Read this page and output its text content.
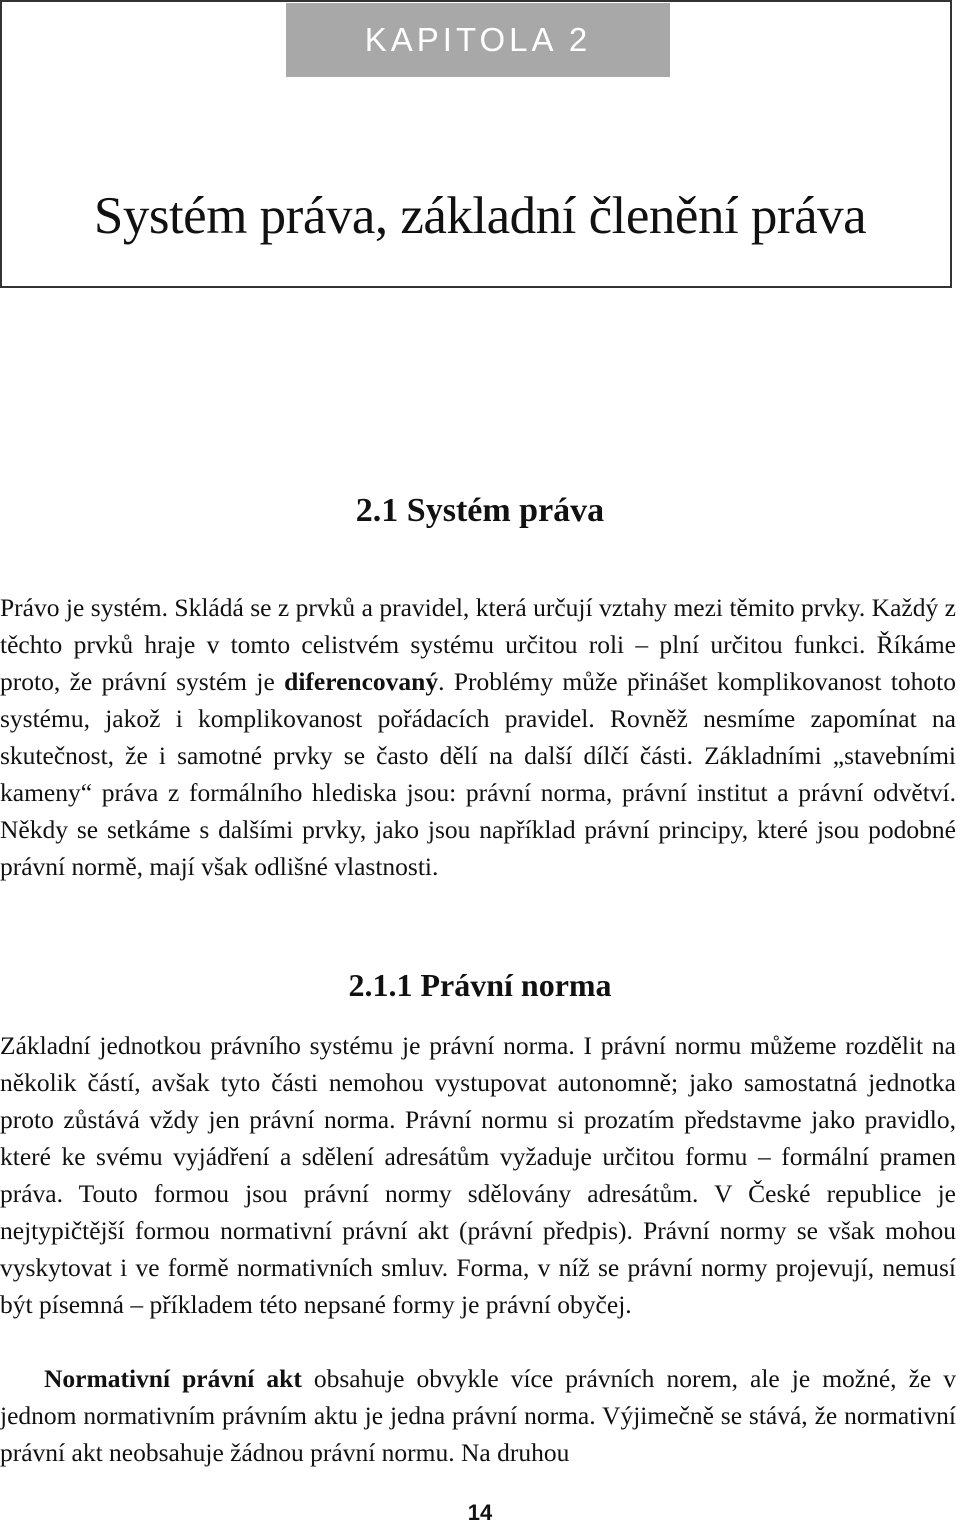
KAPITOLA 2
Systém práva, základní členění práva
2.1 Systém práva

Právo je systém. Skládá se z prvků a pravidel, která určují vztahy mezi těmito prvky. Každý z těchto prvků hraje v tomto celistvém systému určitou roli – plní určitou funkci. Říkáme proto, že právní systém je diferencovaný. Problémy může přinášet komplikovanost tohoto systému, jakož i komplikovanost pořádacích pravidel. Rovněž nesmíme zapomínat na skutečnost, že i samotné prvky se často dělí na další dílčí části. Základními „stavebními kameny“ práva z formálního hlediska jsou: právní norma, právní institut a právní odvětví. Někdy se setkáme s dalšími prvky, jako jsou například právní principy, které jsou podobné právní normě, mají však odlišné vlastnosti.

2.1.1 Právní norma

Základní jednotkou právního systému je právní norma. I právní normu můžeme rozdělit na několik částí, avšak tyto části nemohou vystupovat autonomně; jako samostatná jednotka proto zůstává vždy jen právní norma. Právní normu si prozatím představme jako pravidlo, které ke svému vyjádření a sdělení adresátům vyžaduje určitou formu – formální pramen práva. Touto formou jsou právní normy sdělovány adresátům. V České republice je nejtypičtější formou normativní právní akt (právní předpis). Právní normy se však mohou vyskytovat i ve formě normativních smluv. Forma, v níž se právní normy projevují, nemusí být písemná – příkladem této nepsané formy je právní obyčej.

Normativní právní akt obsahuje obvykle více právních norem, ale je možné, že v jednom normativním právním aktu je jedna právní norma. Výjimečně se stává, že normativní právní akt neobsahuje žádnou právní normu. Na druhou

14
